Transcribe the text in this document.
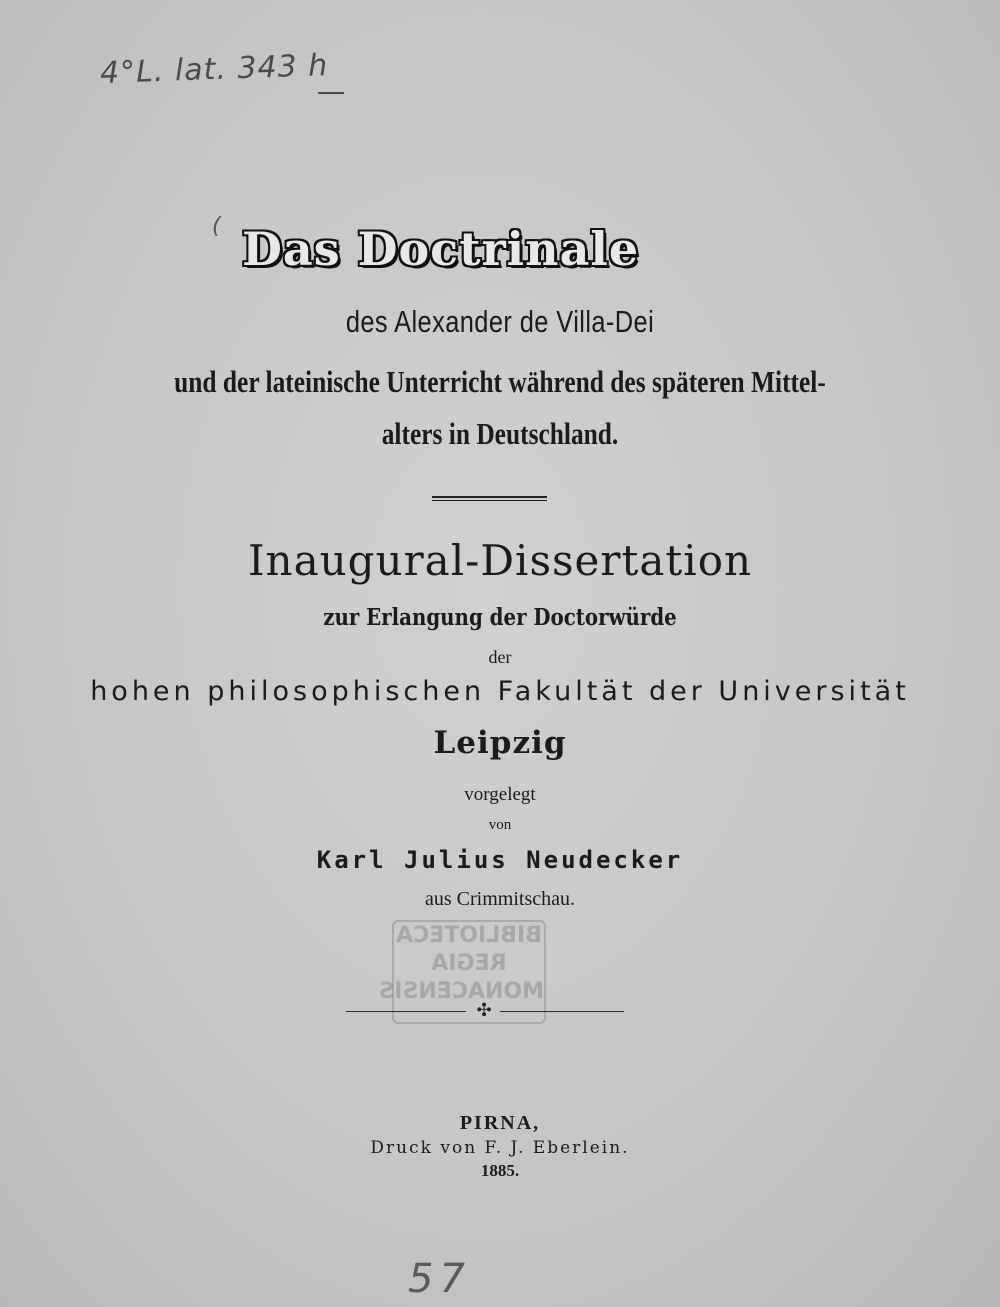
4°L. lat. 343 h
( Das Doctrinale
des Alexander de Villa-Dei
und der lateinische Unterricht während des späteren Mittel-
alters in Deutschland.
Inaugural-Dissertation
zur Erlangung der Doctorwürde
der
hohen philosophischen Fakultät der Universität
Leipzig
vorgelegt
von
Karl Julius Neudecker
aus Crimmitschau.
BIBLIOTECA
REGIA
MONACENSIS
✣
PIRNA,
Druck von F. J. Eberlein.
1885.
57
